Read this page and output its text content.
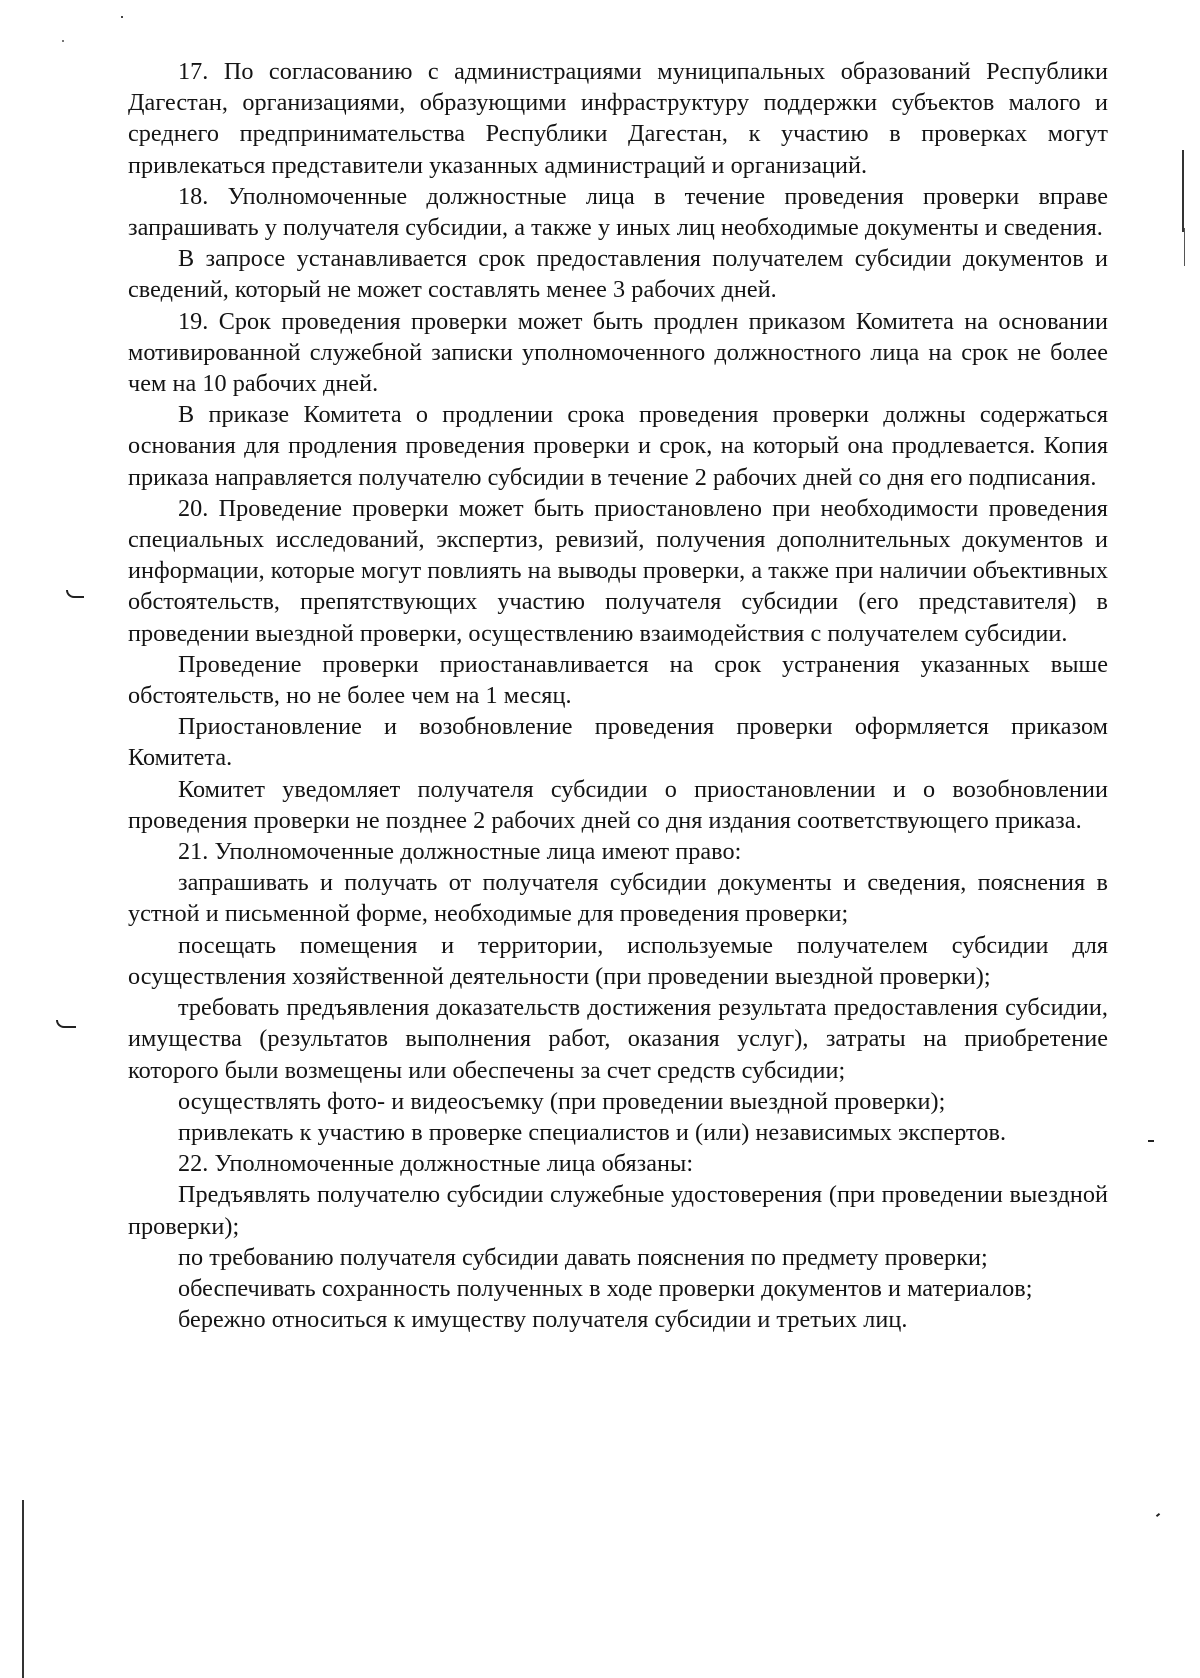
17. По согласованию с администрациями муниципальных образований Республики Дагестан, организациями, образующими инфраструктуру поддержки субъектов малого и среднего предпринимательства Республики Дагестан, к участию в проверках могут привлекаться представители указанных администраций и организаций.

18. Уполномоченные должностные лица в течение проведения проверки вправе запрашивать у получателя субсидии, а также у иных лиц необходимые документы и сведения.

В запросе устанавливается срок предоставления получателем субсидии документов и сведений, который не может составлять менее 3 рабочих дней.

19. Срок проведения проверки может быть продлен приказом Комитета на основании мотивированной служебной записки уполномоченного должностного лица на срок не более чем на 10 рабочих дней.

В приказе Комитета о продлении срока проведения проверки должны содержаться основания для продления проведения проверки и срок, на который она продлевается. Копия приказа направляется получателю субсидии в течение 2 рабочих дней со дня его подписания.

20. Проведение проверки может быть приостановлено при необходимости проведения специальных исследований, экспертиз, ревизий, получения дополнительных документов и информации, которые могут повлиять на выводы проверки, а также при наличии объективных обстоятельств, препятствующих участию получателя субсидии (его представителя) в проведении выездной проверки, осуществлению взаимодействия с получателем субсидии.

Проведение проверки приостанавливается на срок устранения указанных выше обстоятельств, но не более чем на 1 месяц.

Приостановление и возобновление проведения проверки оформляется приказом Комитета.

Комитет уведомляет получателя субсидии о приостановлении и о возобновлении проведения проверки не позднее 2 рабочих дней со дня издания соответствующего приказа.

21. Уполномоченные должностные лица имеют право:

запрашивать и получать от получателя субсидии документы и сведения, пояснения в устной и письменной форме, необходимые для проведения проверки;

посещать помещения и территории, используемые получателем субсидии для осуществления хозяйственной деятельности (при проведении выездной проверки);

требовать предъявления доказательств достижения результата предоставления субсидии, имущества (результатов выполнения работ, оказания услуг), затраты на приобретение которого были возмещены или обеспечены за счет средств субсидии;

осуществлять фото- и видеосъемку (при проведении выездной проверки);

привлекать к участию в проверке специалистов и (или) независимых экспертов.

22. Уполномоченные должностные лица обязаны:

Предъявлять получателю субсидии служебные удостоверения (при проведении выездной проверки);

по требованию получателя субсидии давать пояснения по предмету проверки;

обеспечивать сохранность полученных в ходе проверки документов и материалов;

бережно относиться к имуществу получателя субсидии и третьих лиц.
